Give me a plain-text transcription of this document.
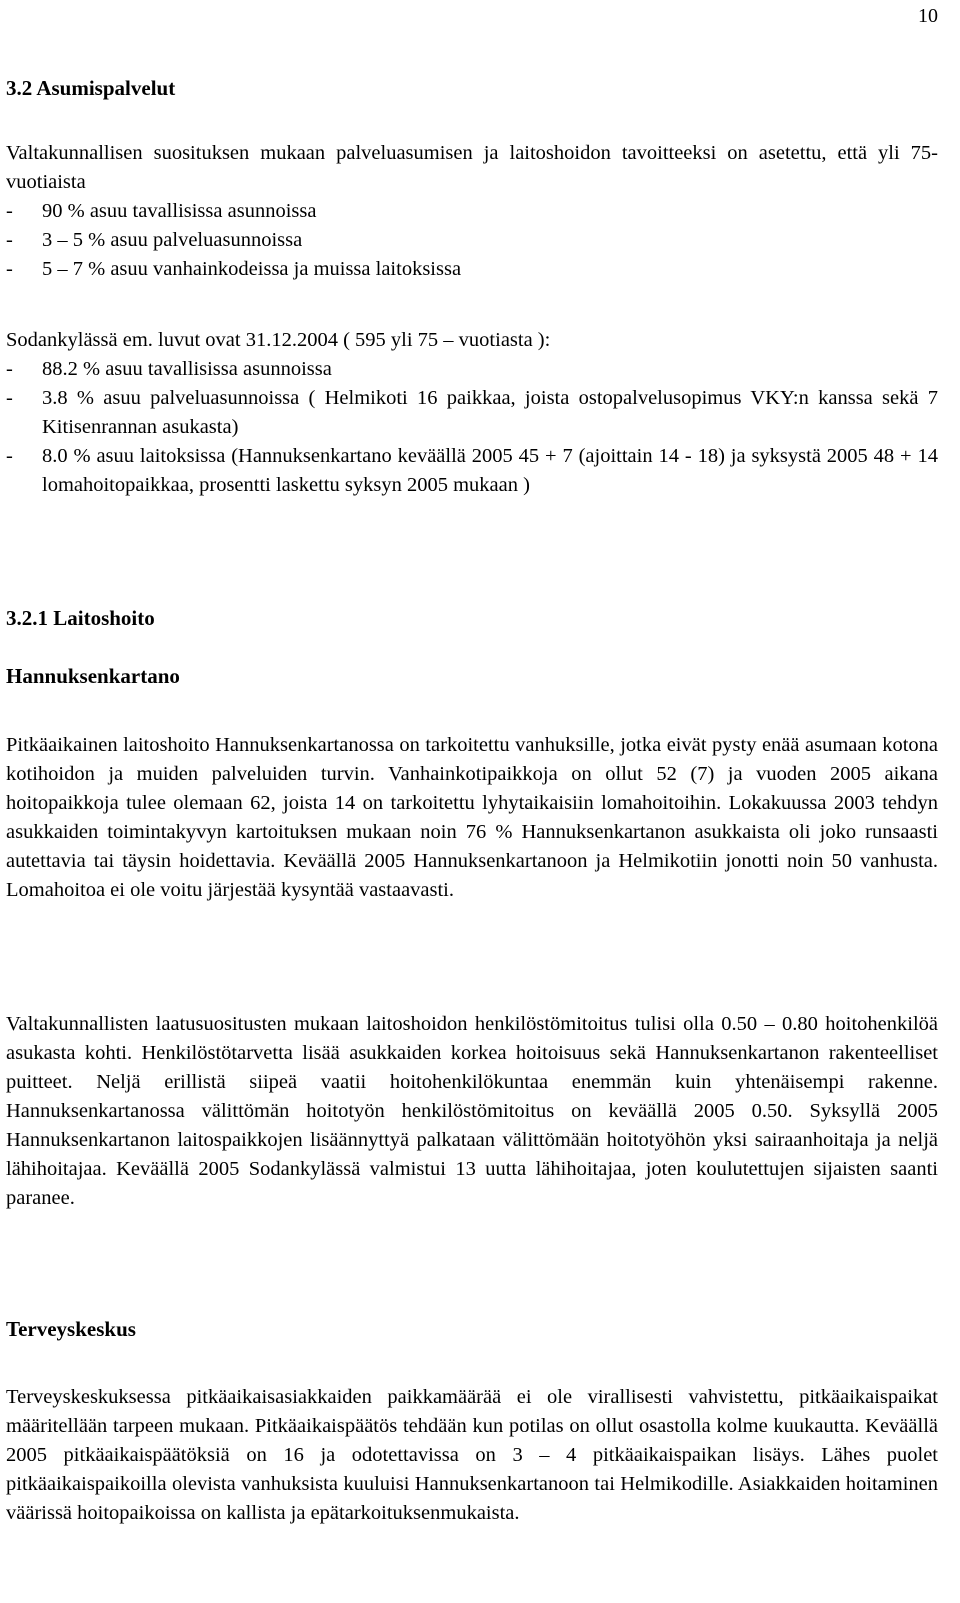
10
3.2 Asumispalvelut

Valtakunnallisen suosituksen mukaan palveluasumisen ja laitoshoidon tavoitteeksi on asetettu, että yli 75-vuotiaista

- 90 % asuu tavallisissa asunnoissa
- 3 – 5 % asuu palveluasunnoissa
- 5 – 7 % asuu vanhainkodeissa ja muissa laitoksissa

Sodankylässä em. luvut ovat 31.12.2004 ( 595 yli 75 – vuotiasta ):

- 88.2 % asuu tavallisissa asunnoissa
- 3.8 % asuu palveluasunnoissa ( Helmikoti 16 paikkaa, joista ostopalvelusopimus VKY:n kanssa sekä 7 Kitisenrannan asukasta)
- 8.0 % asuu laitoksissa (Hannuksenkartano keväällä 2005 45 + 7 (ajoittain 14 - 18) ja syksystä 2005 48 + 14 lomahoitopaikkaa, prosentti laskettu syksyn 2005 mukaan )
3.2.1 Laitoshoito
Hannuksenkartano

Pitkäaikainen laitoshoito Hannuksenkartanossa on tarkoitettu vanhuksille, jotka eivät pysty enää asumaan kotona kotihoidon ja muiden palveluiden turvin. Vanhainkotipaikkoja on ollut 52 (7) ja vuoden 2005 aikana hoitopaikkoja tulee olemaan 62, joista 14 on tarkoitettu lyhytaikaisiin lomahoitoihin. Lokakuussa 2003 tehdyn asukkaiden toimintakyvyn kartoituksen mukaan noin 76 % Hannuksenkartanon asukkaista oli joko runsaasti autettavia tai täysin hoidettavia. Keväällä 2005 Hannuksenkartanoon ja Helmikotiin jonotti noin 50 vanhusta. Lomahoitoa ei ole voitu järjestää kysyntää vastaavasti.

Valtakunnallisten laatusuositusten mukaan laitoshoidon henkilöstömitoitus tulisi olla 0.50 – 0.80 hoitohenkilöä asukasta kohti. Henkilöstötarvetta lisää asukkaiden korkea hoitoisuus sekä Hannuksenkartanon rakenteelliset puitteet. Neljä erillistä siipeä vaatii hoitohenkilökuntaa enemmän kuin yhtenäisempi rakenne. Hannuksenkartanossa välittömän hoitotyön henkilöstömitoitus on keväällä 2005 0.50. Syksyllä 2005 Hannuksenkartanon laitospaikkojen lisäännyttyä palkataan välittömään hoitotyöhön yksi sairaanhoitaja ja neljä lähihoitajaa. Keväällä 2005 Sodankylässä valmistui 13 uutta lähihoitajaa, joten koulutettujen sijaisten saanti paranee.

Terveyskeskus

Terveyskeskuksessa pitkäaikaisasiakkaiden paikkamäärää ei ole virallisesti vahvistettu, pitkäaikaispaikat määritellään tarpeen mukaan. Pitkäaikaispäätös tehdään kun potilas on ollut osastolla kolme kuukautta. Keväällä 2005 pitkäaikaispäätöksiä on 16 ja odotettavissa on 3 – 4 pitkäaikaispaikan lisäys. Lähes puolet pitkäaikaispaikoilla olevista vanhuksista kuuluisi Hannuksenkartanoon tai Helmikodille. Asiakkaiden hoitaminen väärissä hoitopaikoissa on kallista ja epätarkoituksenmukaista.
